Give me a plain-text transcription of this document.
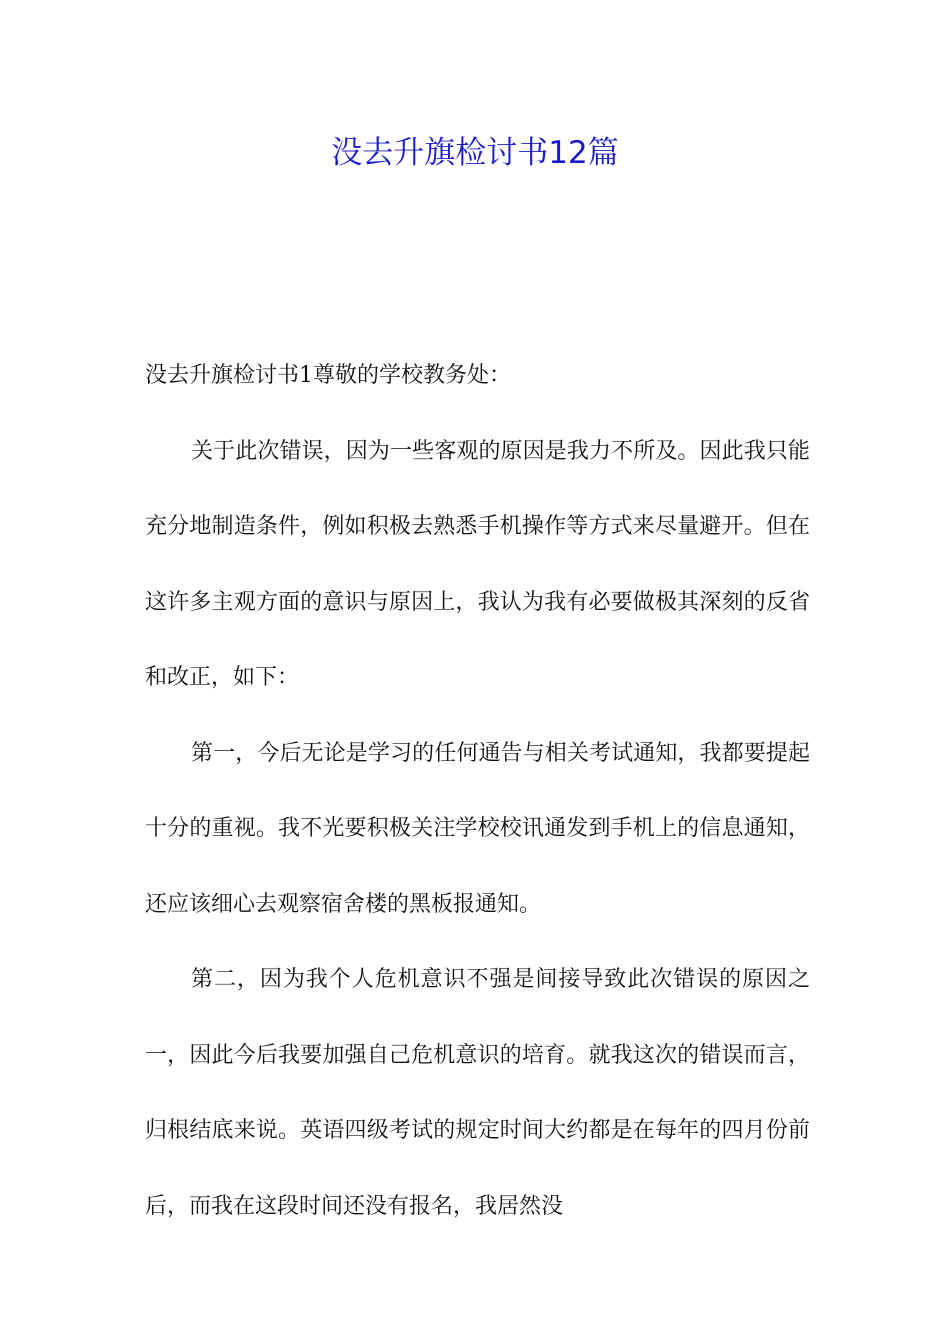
没去升旗检讨书12篇

没去升旗检讨书1尊敬的学校教务处：

关于此次错误，因为一些客观的原因是我力不所及。因此我只能充分地制造条件，例如积极去熟悉手机操作等方式来尽量避开。但在这许多主观方面的意识与原因上，我认为我有必要做极其深刻的反省和改正，如下：

第一，今后无论是学习的任何通告与相关考试通知，我都要提起十分的重视。我不光要积极关注学校校讯通发到手机上的信息通知，还应该细心去观察宿舍楼的黑板报通知。

第二，因为我个人危机意识不强是间接导致此次错误的原因之一，因此今后我要加强自己危机意识的培育。就我这次的错误而言，归根结底来说。英语四级考试的规定时间大约都是在每年的四月份前后，而我在这段时间还没有报名，我居然没
